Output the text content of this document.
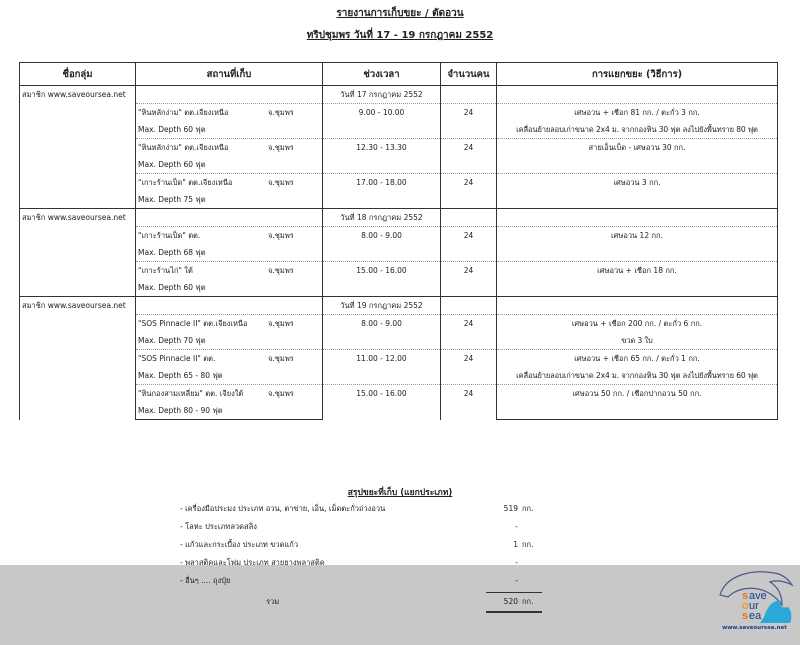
รายงานการเก็บขยะ / ตัดอวน
ทริปชุมพร วันที่ 17 - 19 กรกฎาคม 2552
ชื่อกลุ่ม	สถานที่เก็บ	ช่วงเวลา	จำนวนคน	การแยกขยะ (วิธีการ)
สมาชิก www.saveoursea.net		วันที่ 17 กรกฎาคม 2552		
	"หินหลักง่าม" ตต.เจียงเหนือ จ.ชุมพร	9.00 - 10.00	24	เศษอวน + เชือก 81 กก. / ตะกั่ว 3 กก.
	Max. Depth 60 ฟุต			เคลื่อนย้ายลอบเก่าขนาด 2x4 ม. จากกองหิน 30 ฟุต ลงไปยังพื้นทราย 80 ฟุต
	"หินหลักง่าม" ตต.เจียงเหนือ จ.ชุมพร	12.30 - 13.30	24	สายเอ็นเบ็ด - เศษอวน 30 กก.
	Max. Depth 60 ฟุต			
	"เกาะร้านเป็ด" ตต.เจียงเหนือ จ.ชุมพร	17.00 - 18.00	24	เศษอวน 3 กก.
	Max. Depth 75 ฟุต			
สมาชิก www.saveoursea.net		วันที่ 18 กรกฎาคม 2552		
	"เกาะร้านเป็ด" ตต. จ.ชุมพร	8.00 - 9.00	24	เศษอวน 12 กก.
	Max. Depth 68 ฟุต			
	"เกาะร้านไก่" ใต้ จ.ชุมพร	15.00 - 16.00	24	เศษอวน + เชือก 18 กก.
	Max. Depth 60 ฟุต			
สมาชิก www.saveoursea.net		วันที่ 19 กรกฎาคม 2552		
	"SOS Pinnacle II" ตต.เจียงเหนือ จ.ชุมพร	8.00 - 9.00	24	เศษอวน + เชือก 200 กก. / ตะกั่ว 6 กก.
	Max. Depth 70 ฟุต			ขวด 3 ใบ
	"SOS Pinnacle II" ตต. จ.ชุมพร	11.00 - 12.00	24	เศษอวน + เชือก 65 กก. / ตะกั่ว 1 กก.
	Max. Depth 65 - 80 ฟุต			เคลื่อนย้ายลอบเก่าขนาด 2x4 ม. จากกองหิน 30 ฟุต ลงไปยังพื้นทราย 60 ฟุต
	"หินกองสามเหลี่ยม" ตต. เจียงใต้ จ.ชุมพร	15.00 - 16.00	24	เศษอวน 50 กก. / เชือกปากอวน 50 กก.
	Max. Depth 80 - 90 ฟุต			
สรุปขยะที่เก็บ (แยกประเภท)
- เครื่องมือประมง ประเภท อวน, ตาข่าย, เอ็น, เม็ดตะกั่วถ่วงอวน	519 กก.
- โลหะ ประเภทลวดสลิง	-
- แก้วและกระเบื้อง ประเภท ขวดแก้ว	1 กก.
- พลาสติคและโฟม ประเภท สายยางพลาสติค	-
- อื่นๆ .... ถุงปุ๋ย	-
รวม	520 กก.	s ave
o ur
s ea
www.saveoursea.net
